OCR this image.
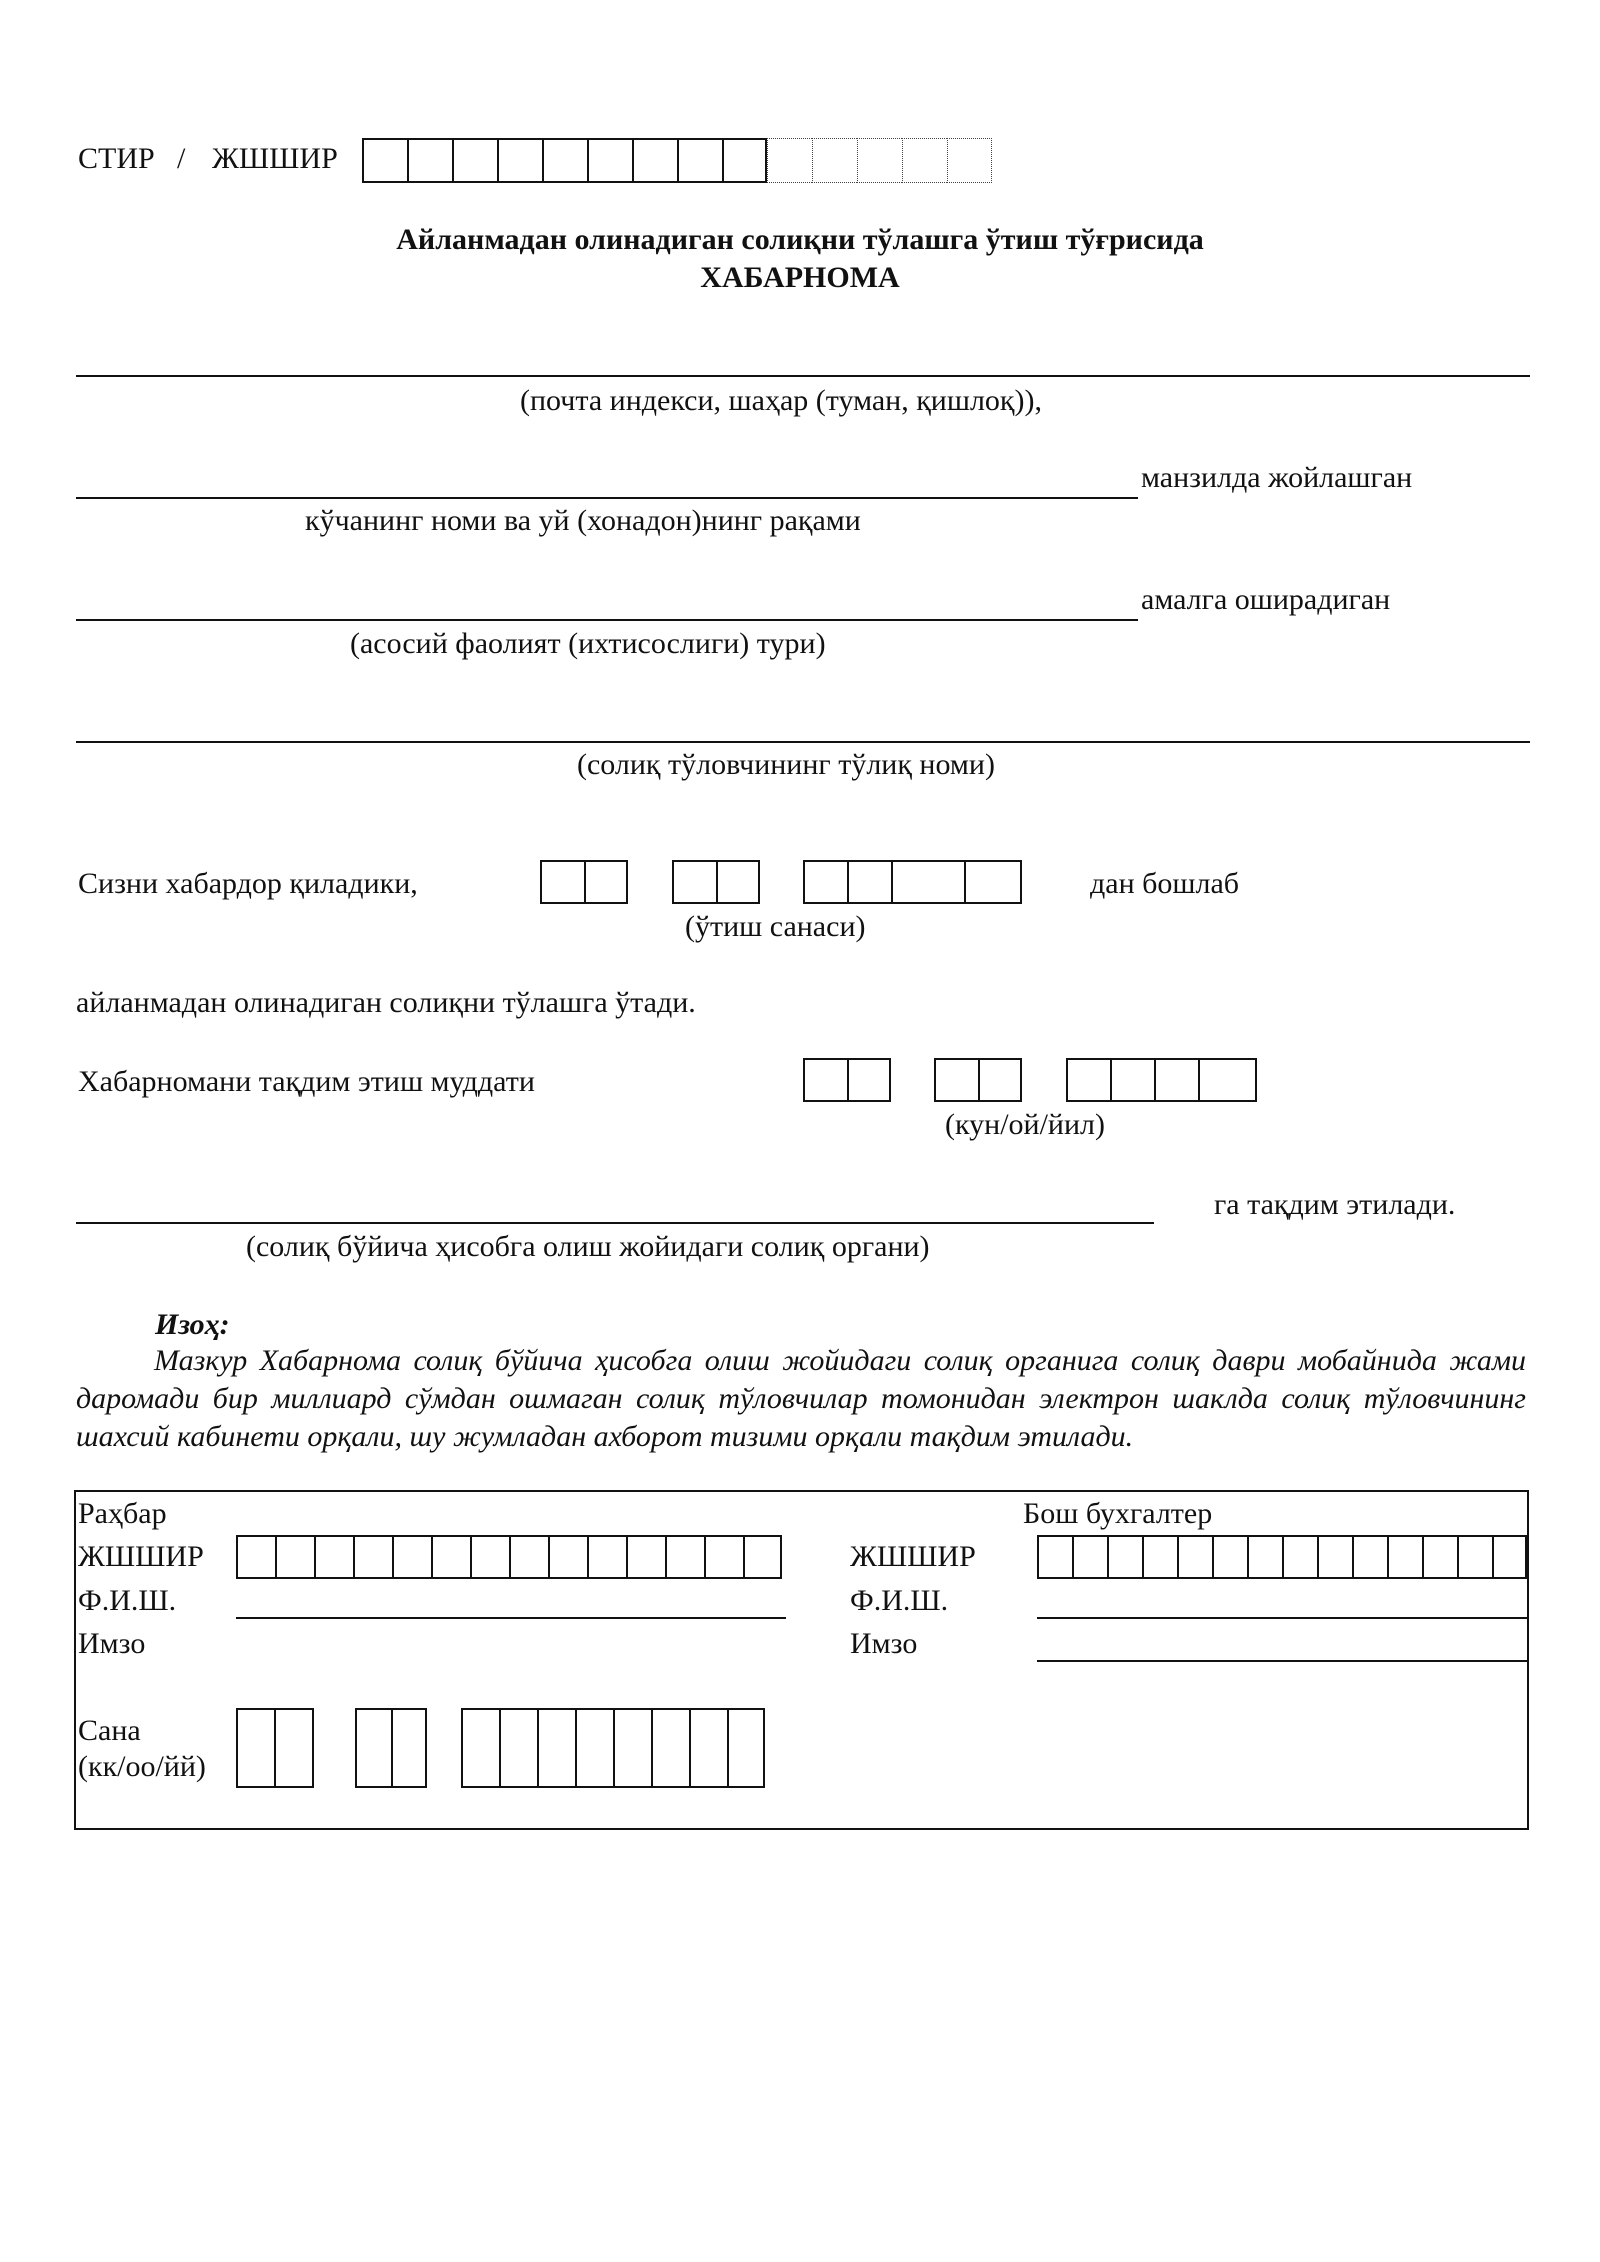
СТИР / ЖШШИР
Айланмадан олинадиган солиқни тўлашга ўтиш тўғрисида
ХАБАРНОМА
(почта индекси, шаҳар (туман, қишлоқ)),
манзилда жойлашган
кўчанинг номи ва уй (хонадон)нинг рақами
амалга оширадиган
(асосий фаолият (ихтисослиги) тури)
(солиқ тўловчининг тўлиқ номи)
Сизни хабардор қиладики,	дан бошлаб
(ўтиш санаси)
айланмадан олинадиган солиқни тўлашга ўтади.
Хабарномани тақдим этиш муддати
(кун/ой/йил)
га тақдим этилади.
(солиқ бўйича ҳисобга олиш жойидаги солиқ органи)
Изоҳ:
Мазкур Хабарнома солиқ бўйича ҳисобга олиш жойидаги солиқ органига солиқ даври мобайнида жами даромади бир миллиард сўмдан ошмаган солиқ тўловчилар томонидан электрон шаклда солиқ тўловчининг шахсий кабинети орқали, шу жумладан ахборот тизими орқали тақдим этилади.
Раҳбар
ЖШШИР
Ф.И.Ш.
Имзо
Сана
(кк/оо/йй)
Бош бухгалтер
ЖШШИР
Ф.И.Ш.
Имзо
